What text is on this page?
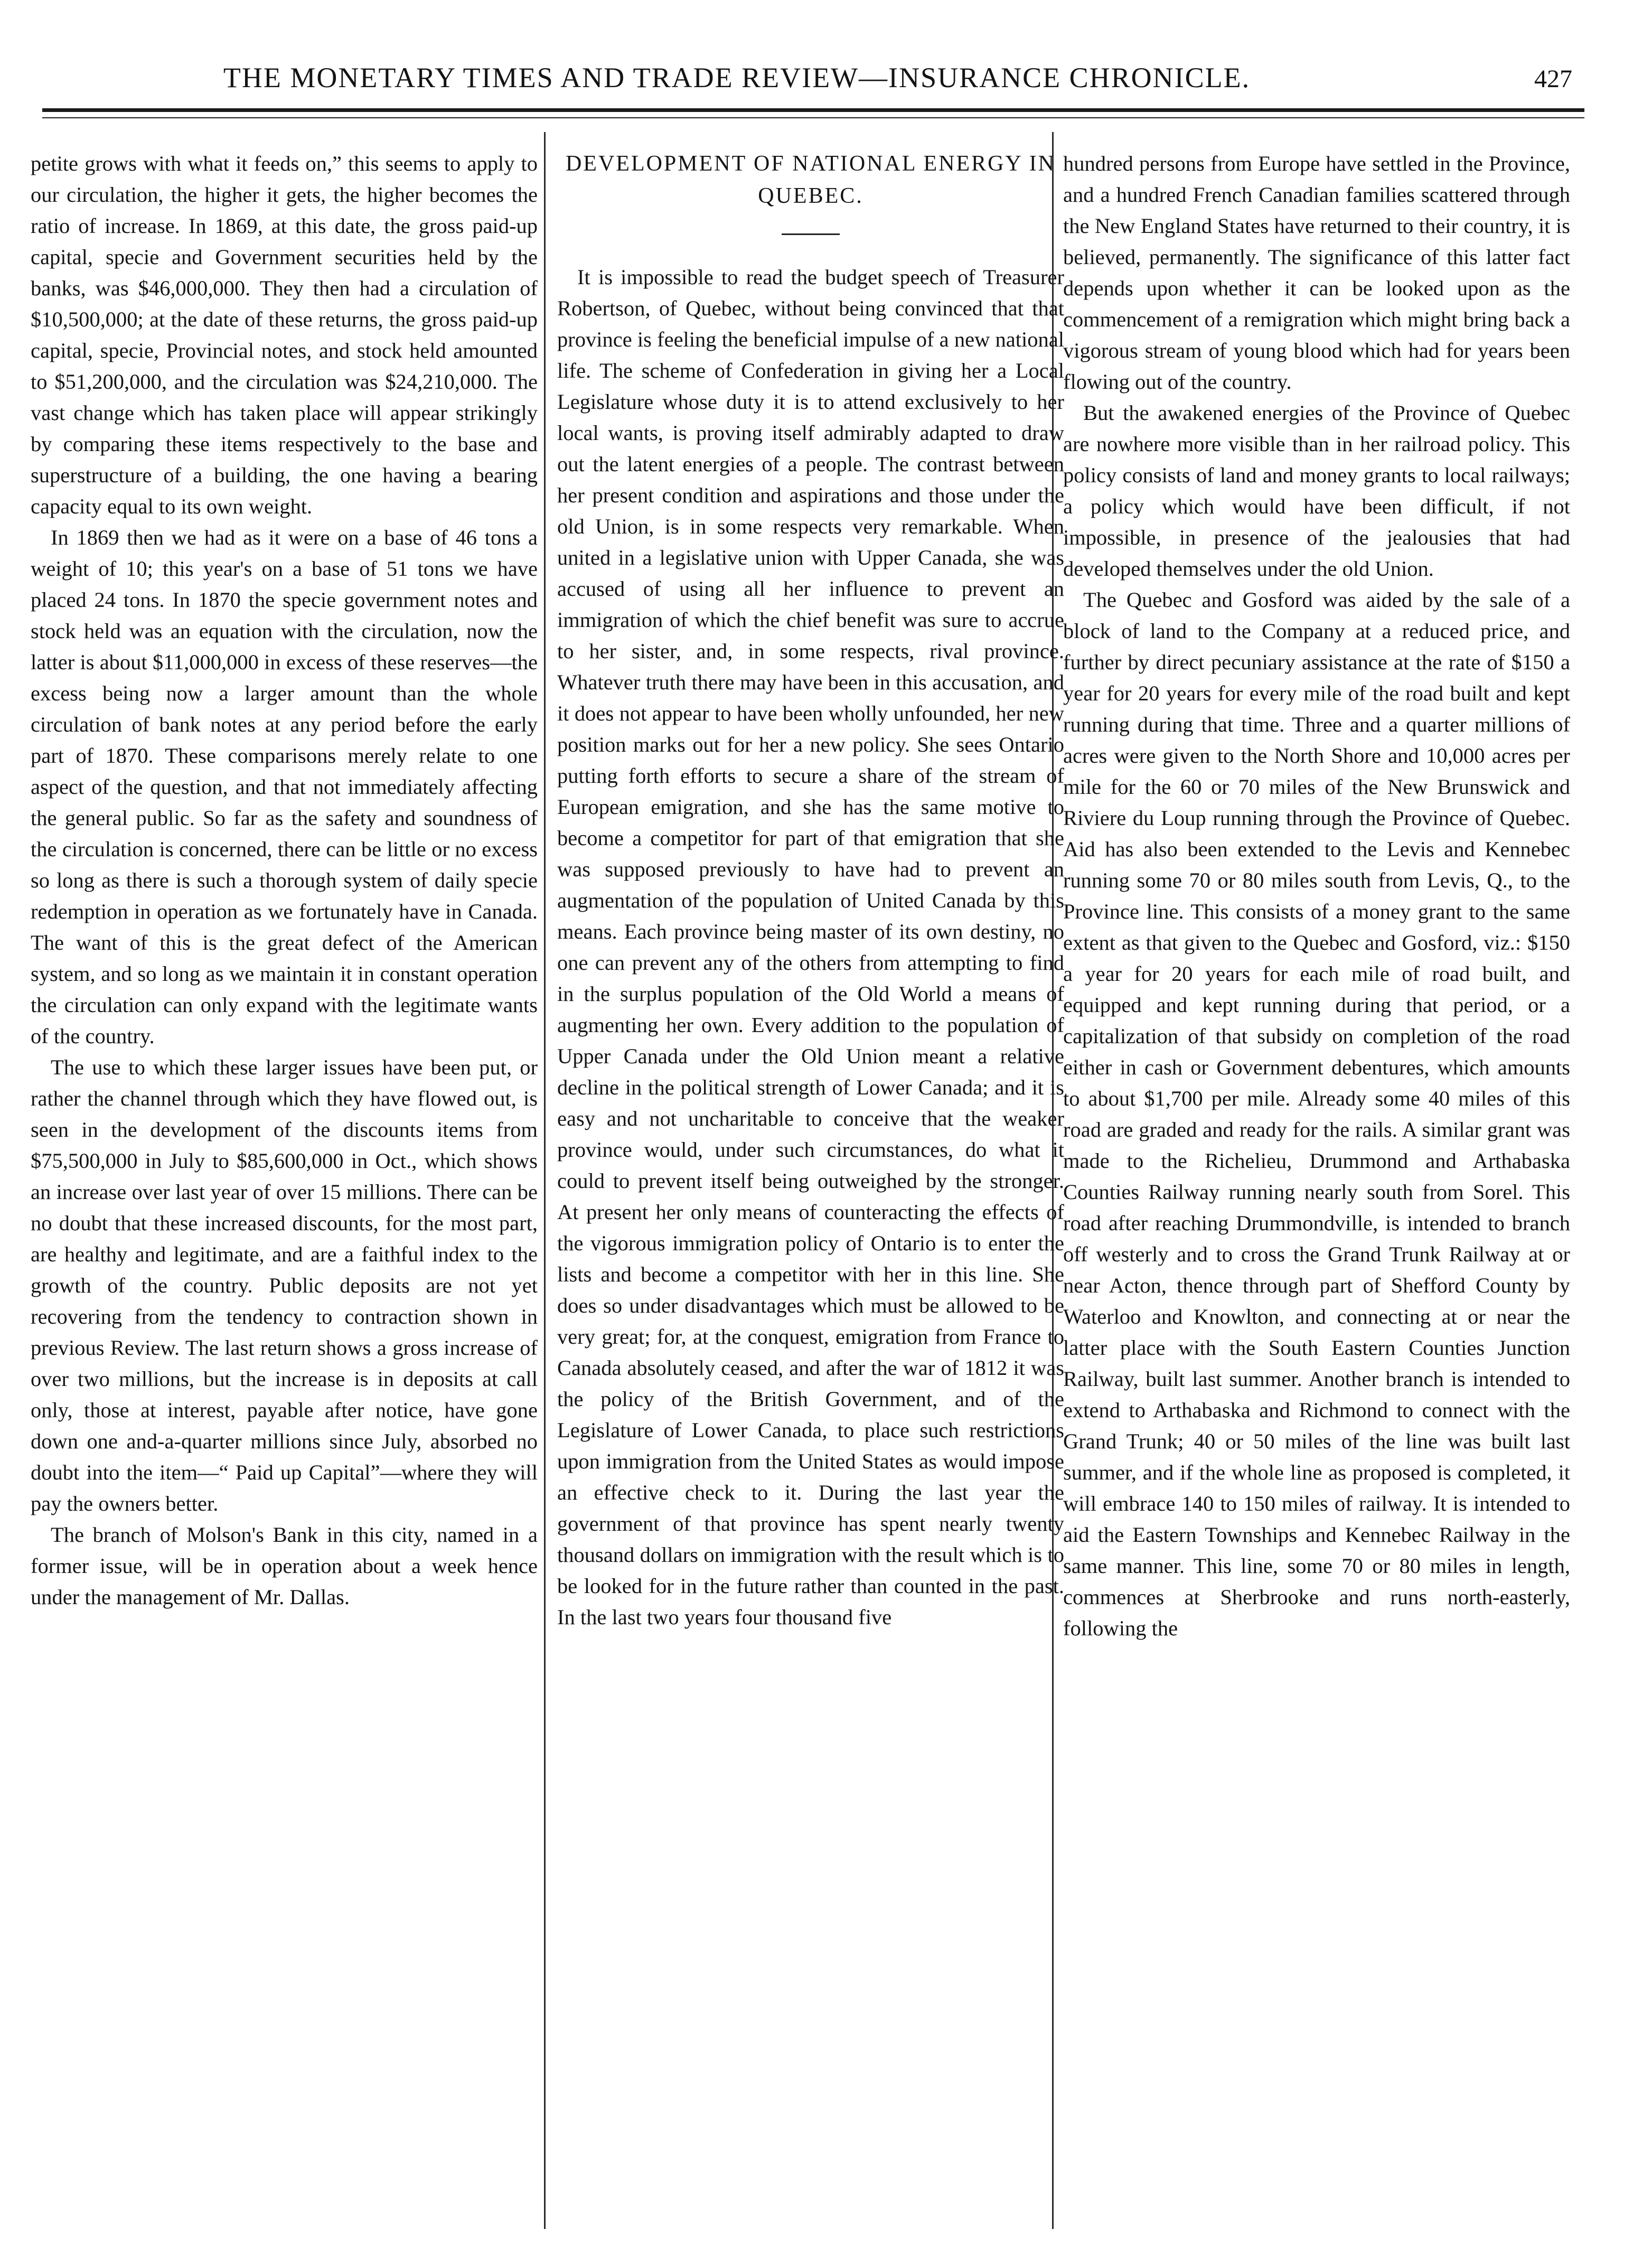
THE MONETARY TIMES AND TRADE REVIEW—INSURANCE CHRONICLE.	427

petite grows with what it feeds on,” this seems to apply to our circulation, the higher it gets, the higher becomes the ratio of increase. In 1869, at this date, the gross paid-up capital, specie and Government securities held by the banks, was $46,000,000. They then had a circulation of $10,500,000; at the date of these returns, the gross paid-up capital, specie, Provincial notes, and stock held amounted to $51,200,000, and the circulation was $24,210,000. The vast change which has taken place will appear strikingly by comparing these items respectively to the base and superstructure of a building, the one having a bearing capacity equal to its own weight.

In 1869 then we had as it were on a base of 46 tons a weight of 10; this year's on a base of 51 tons we have placed 24 tons. In 1870 the specie government notes and stock held was an equation with the circulation, now the latter is about $11,000,000 in excess of these reserves—the excess being now a larger amount than the whole circulation of bank notes at any period before the early part of 1870. These comparisons merely relate to one aspect of the question, and that not immediately affecting the general public. So far as the safety and soundness of the circulation is concerned, there can be little or no excess so long as there is such a thorough system of daily specie redemption in operation as we fortunately have in Canada. The want of this is the great defect of the American system, and so long as we maintain it in constant operation the circulation can only expand with the legitimate wants of the country.

The use to which these larger issues have been put, or rather the channel through which they have flowed out, is seen in the development of the discounts items from $75,500,000 in July to $85,600,000 in Oct., which shows an increase over last year of over 15 millions. There can be no doubt that these increased discounts, for the most part, are healthy and legitimate, and are a faithful index to the growth of the country. Public deposits are not yet recovering from the tendency to contraction shown in previous Review. The last return shows a gross increase of over two millions, but the increase is in deposits at call only, those at interest, payable after notice, have gone down one and-a-quarter millions since July, absorbed no doubt into the item—“ Paid up Capital”—where they will pay the owners better.

The branch of Molson's Bank in this city, named in a former issue, will be in operation about a week hence under the management of Mr. Dallas.

DEVELOPMENT OF NATIONAL ENERGY IN QUEBEC.

It is impossible to read the budget speech of Treasurer Robertson, of Quebec, without being convinced that that province is feeling the beneficial impulse of a new national life. The scheme of Confederation in giving her a Local Legislature whose duty it is to attend exclusively to her local wants, is proving itself admirably adapted to draw out the latent energies of a people. The contrast between her present condition and aspirations and those under the old Union, is in some respects very remarkable. When united in a legislative union with Upper Canada, she was accused of using all her influence to prevent an immigration of which the chief benefit was sure to accrue to her sister, and, in some respects, rival province. Whatever truth there may have been in this accusation, and it does not appear to have been wholly unfounded, her new position marks out for her a new policy. She sees Ontario putting forth efforts to secure a share of the stream of European emigration, and she has the same motive to become a competitor for part of that emigration that she was supposed previously to have had to prevent an augmentation of the population of United Canada by this means. Each province being master of its own destiny, no one can prevent any of the others from attempting to find in the surplus population of the Old World a means of augmenting her own. Every addition to the population of Upper Canada under the Old Union meant a relative decline in the political strength of Lower Canada; and it is easy and not uncharitable to conceive that the weaker province would, under such circumstances, do what it could to prevent itself being outweighed by the stronger. At present her only means of counteracting the effects of the vigorous immigration policy of Ontario is to enter the lists and become a competitor with her in this line. She does so under disadvantages which must be allowed to be very great; for, at the conquest, emigration from France to Canada absolutely ceased, and after the war of 1812 it was the policy of the British Government, and of the Legislature of Lower Canada, to place such restrictions upon immigration from the United States as would impose an effective check to it. During the last year the government of that province has spent nearly twenty thousand dollars on immigration with the result which is to be looked for in the future rather than counted in the past. In the last two years four thousand five

hundred persons from Europe have settled in the Province, and a hundred French Canadian families scattered through the New England States have returned to their country, it is believed, permanently. The significance of this latter fact depends upon whether it can be looked upon as the commencement of a remigration which might bring back a vigorous stream of young blood which had for years been flowing out of the country.

But the awakened energies of the Province of Quebec are nowhere more visible than in her railroad policy. This policy consists of land and money grants to local railways; a policy which would have been difficult, if not impossible, in presence of the jealousies that had developed themselves under the old Union.

The Quebec and Gosford was aided by the sale of a block of land to the Company at a reduced price, and further by direct pecuniary assistance at the rate of $150 a year for 20 years for every mile of the road built and kept running during that time. Three and a quarter millions of acres were given to the North Shore and 10,000 acres per mile for the 60 or 70 miles of the New Brunswick and Riviere du Loup running through the Province of Quebec. Aid has also been extended to the Levis and Kennebec running some 70 or 80 miles south from Levis, Q., to the Province line. This consists of a money grant to the same extent as that given to the Quebec and Gosford, viz.: $150 a year for 20 years for each mile of road built, and equipped and kept running during that period, or a capitalization of that subsidy on completion of the road either in cash or Government debentures, which amounts to about $1,700 per mile. Already some 40 miles of this road are graded and ready for the rails. A similar grant was made to the Richelieu, Drummond and Arthabaska Counties Railway running nearly south from Sorel. This road after reaching Drummondville, is intended to branch off westerly and to cross the Grand Trunk Railway at or near Acton, thence through part of Shefford County by Waterloo and Knowlton, and connecting at or near the latter place with the South Eastern Counties Junction Railway, built last summer. Another branch is intended to extend to Arthabaska and Richmond to connect with the Grand Trunk; 40 or 50 miles of the line was built last summer, and if the whole line as proposed is completed, it will embrace 140 to 150 miles of railway. It is intended to aid the Eastern Townships and Kennebec Railway in the same manner. This line, some 70 or 80 miles in length, commences at Sherbrooke and runs north-easterly, following the
